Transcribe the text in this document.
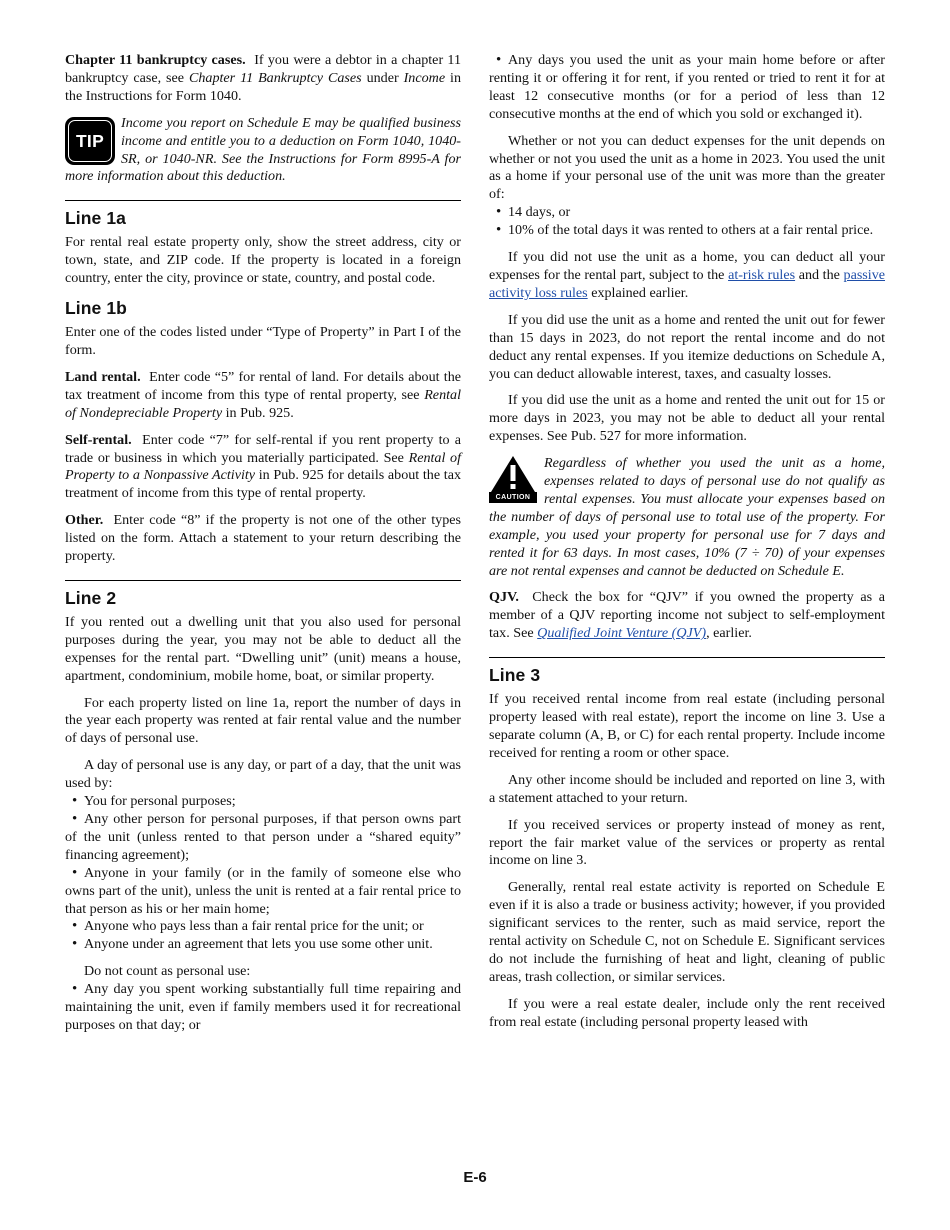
Chapter 11 bankruptcy cases. If you were a debtor in a chapter 11 bankruptcy case, see Chapter 11 Bankruptcy Cases under Income in the Instructions for Form 1040.

TIP
Income you report on Schedule E may be qualified business income and entitle you to a deduction on Form 1040, 1040-SR, or 1040-NR. See the Instructions for Form 8995-A for more information about this deduction.
Line 1a

For rental real estate property only, show the street address, city or town, state, and ZIP code. If the property is located in a foreign country, enter the city, province or state, country, and postal code.

Line 1b

Enter one of the codes listed under “Type of Property” in Part I of the form.

Land rental. Enter code “5” for rental of land. For details about the tax treatment of income from this type of rental property, see Rental of Nondepreciable Property in Pub. 925.

Self-rental. Enter code “7” for self-rental if you rent property to a trade or business in which you materially participated. See Rental of Property to a Nonpassive Activity in Pub. 925 for details about the tax treatment of income from this type of rental property.

Other. Enter code “8” if the property is not one of the other types listed on the form. Attach a statement to your return describing the property.

Line 2

If you rented out a dwelling unit that you also used for personal purposes during the year, you may not be able to deduct all the expenses for the rental part. “Dwelling unit” (unit) means a house, apartment, condominium, mobile home, boat, or similar property.

For each property listed on line 1a, report the number of days in the year each property was rented at fair rental value and the number of days of personal use.

A day of personal use is any day, or part of a day, that the unit was used by:

• You for personal purposes;

• Any other person for personal purposes, if that person owns part of the unit (unless rented to that person under a “shared equity” financing agreement);

• Anyone in your family (or in the family of someone else who owns part of the unit), unless the unit is rented at a fair rental price to that person as his or her main home;

• Anyone who pays less than a fair rental price for the unit; or

• Anyone under an agreement that lets you use some other unit.

Do not count as personal use:

• Any day you spent working substantially full time repairing and maintaining the unit, even if family members used it for recreational purposes on that day; or

• Any days you used the unit as your main home before or after renting it or offering it for rent, if you rented or tried to rent it for at least 12 consecutive months (or for a period of less than 12 consecutive months at the end of which you sold or exchanged it).

Whether or not you can deduct expenses for the unit depends on whether or not you used the unit as a home in 2023. You used the unit as a home if your personal use of the unit was more than the greater of:

• 14 days, or

• 10% of the total days it was rented to others at a fair rental price.

If you did not use the unit as a home, you can deduct all your expenses for the rental part, subject to the at-risk rules and the passive activity loss rules explained earlier.

If you did use the unit as a home and rented the unit out for fewer than 15 days in 2023, do not report the rental income and do not deduct any rental expenses. If you itemize deductions on Schedule A, you can deduct allowable interest, taxes, and casualty losses.

If you did use the unit as a home and rented the unit out for 15 or more days in 2023, you may not be able to deduct all your rental expenses. See Pub. 527 for more information.

CAUTION
Regardless of whether you used the unit as a home, expenses related to days of personal use do not qualify as rental expenses. You must allocate your expenses based on the number of days of personal use to total use of the property. For example, you used your property for personal use for 7 days and rented it for 63 days. In most cases, 10% (7 ÷ 70) of your expenses are not rental expenses and cannot be deducted on Schedule E.

QJV. Check the box for “QJV” if you owned the property as a member of a QJV reporting income not subject to self-employment tax. See Qualified Joint Venture (QJV), earlier.

Line 3

If you received rental income from real estate (including personal property leased with real estate), report the income on line 3. Use a separate column (A, B, or C) for each rental property. Include income received for renting a room or other space.

Any other income should be included and reported on line 3, with a statement attached to your return.

If you received services or property instead of money as rent, report the fair market value of the services or property as rental income on line 3.

Generally, rental real estate activity is reported on Schedule E even if it is also a trade or business activity; however, if you provided significant services to the renter, such as maid service, report the rental activity on Schedule C, not on Schedule E. Significant services do not include the furnishing of heat and light, cleaning of public areas, trash collection, or similar services.

If you were a real estate dealer, include only the rent received from real estate (including personal property leased with

E-6
